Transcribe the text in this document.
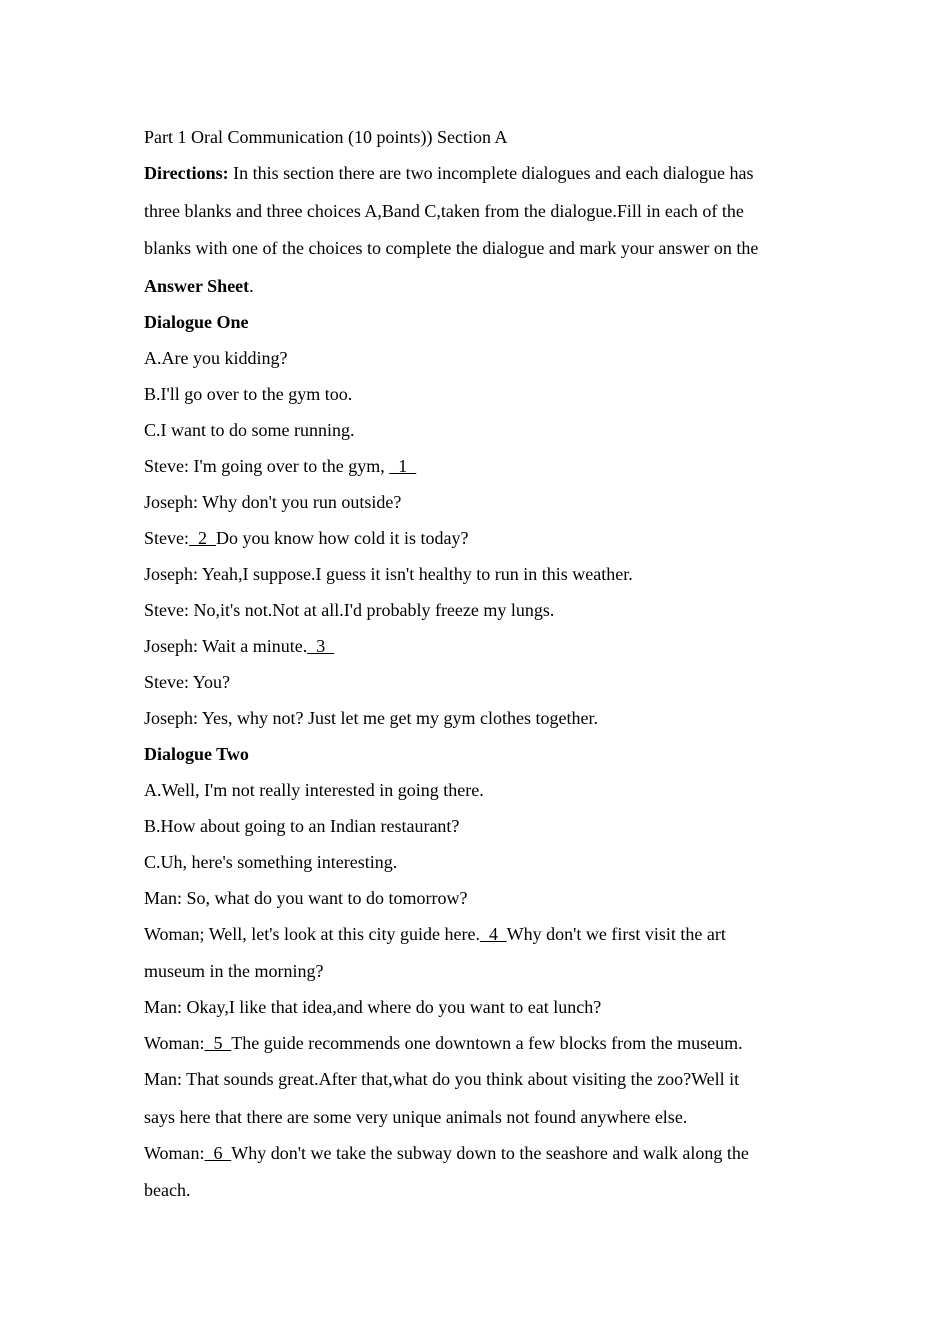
Part 1 Oral Communication (10 points)) Section A
Directions: In this section there are two incomplete dialogues and each dialogue has
three blanks and three choices A,Band C,taken from the dialogue.Fill in each of the
blanks with one of the choices to complete the dialogue and mark your answer on the
Answer Sheet.
Dialogue One
A.Are you kidding?
B.I'll go over to the gym too.
C.I want to do some running.
Steve: I'm going over to the gym,   1
Joseph: Why don't you run outside?
Steve:  2  Do you know how cold it is today?
Joseph: Yeah,I suppose.I guess it isn't healthy to run in this weather.
Steve: No,it's not.Not at all.I'd probably freeze my lungs.
Joseph: Wait a minute.  3
Steve: You?
Joseph: Yes, why not? Just let me get my gym clothes together.
Dialogue Two
A.Well, I'm not really interested in going there.
B.How about going to an Indian restaurant?
C.Uh, here's something interesting.
Man: So, what do you want to do tomorrow?
Woman; Well, let's look at this city guide here.  4  Why don't we first visit the art
museum in the morning?
Man: Okay,I like that idea,and where do you want to eat lunch?
Woman:  5  The guide recommends one downtown a few blocks from the museum.
Man: That sounds great.After that,what do you think about visiting the zoo?Well it
says here that there are some very unique animals not found anywhere else.
Woman:  6  Why don't we take the subway down to the seashore and walk along the
beach.
